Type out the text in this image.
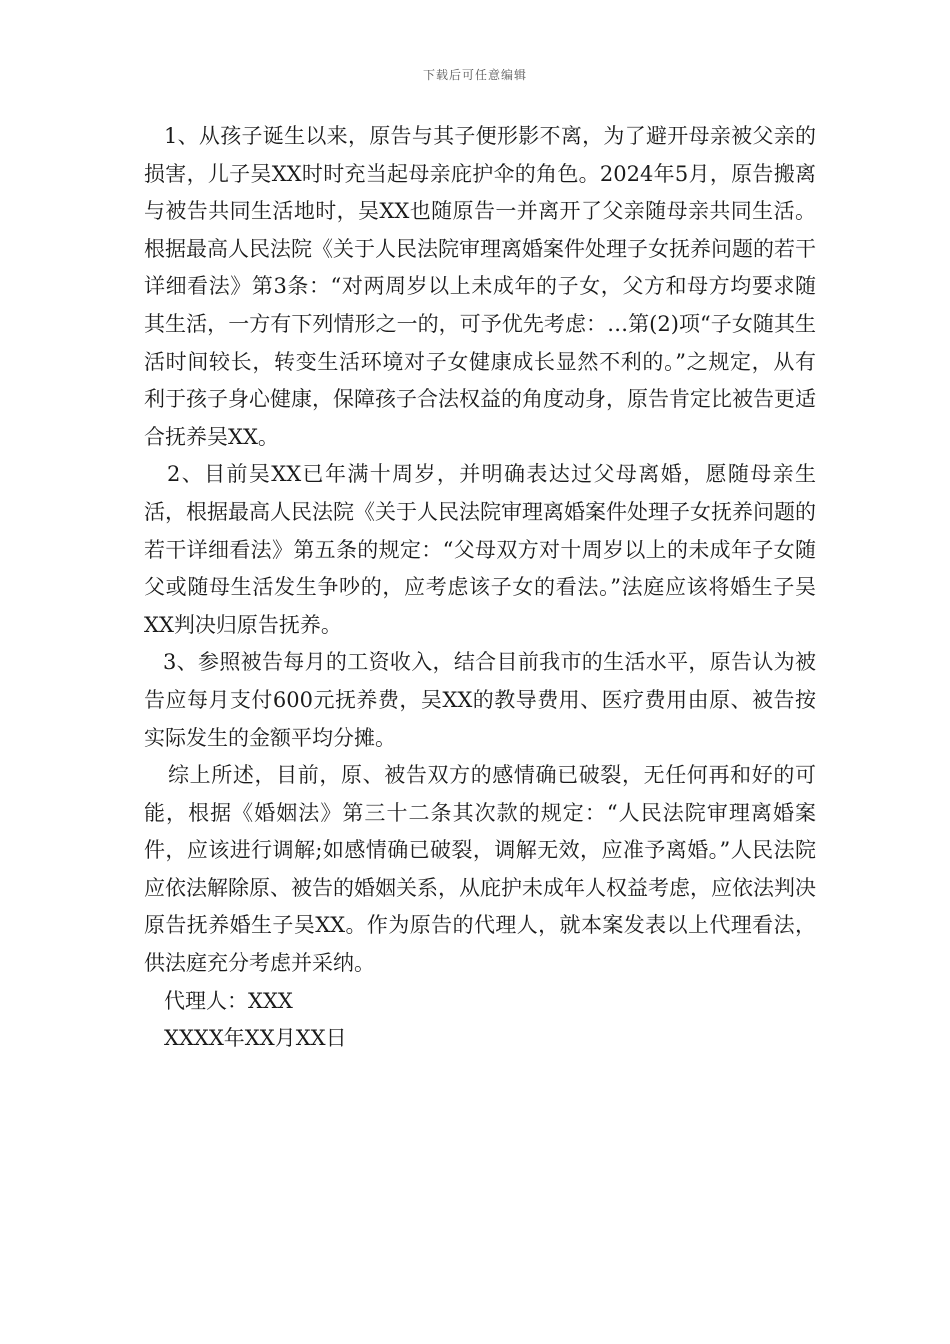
下载后可任意编辑

1、从孩子诞生以来，原告与其子便形影不离，为了避开母亲被父亲的损害，儿子吴XX时时充当起母亲庇护伞的角色。2024年5月，原告搬离与被告共同生活地时，吴XX也随原告一并离开了父亲随母亲共同生活。根据最高人民法院《关于人民法院审理离婚案件处理子女抚养问题的若干详细看法》第3条：“对两周岁以上未成年的子女，父方和母方均要求随其生活，一方有下列情形之一的，可予优先考虑：…第(2)项“子女随其生活时间较长，转变生活环境对子女健康成长显然不利的。”之规定，从有利于孩子身心健康，保障孩子合法权益的角度动身，原告肯定比被告更适合抚养吴XX。

2、目前吴XX已年满十周岁，并明确表达过父母离婚，愿随母亲生活，根据最高人民法院《关于人民法院审理离婚案件处理子女抚养问题的若干详细看法》第五条的规定：“父母双方对十周岁以上的未成年子女随父或随母生活发生争吵的，应考虑该子女的看法。”法庭应该将婚生子吴XX判决归原告抚养。

3、参照被告每月的工资收入，结合目前我市的生活水平，原告认为被告应每月支付600元抚养费，吴XX的教导费用、医疗费用由原、被告按实际发生的金额平均分摊。

综上所述，目前，原、被告双方的感情确已破裂，无任何再和好的可能，根据《婚姻法》第三十二条其次款的规定：“人民法院审理离婚案件，应该进行调解;如感情确已破裂，调解无效，应准予离婚。”人民法院应依法解除原、被告的婚姻关系，从庇护未成年人权益考虑，应依法判决原告抚养婚生子吴XX。作为原告的代理人，就本案发表以上代理看法，供法庭充分考虑并采纳。

代理人：XXX

XXXX年XX月XX日
